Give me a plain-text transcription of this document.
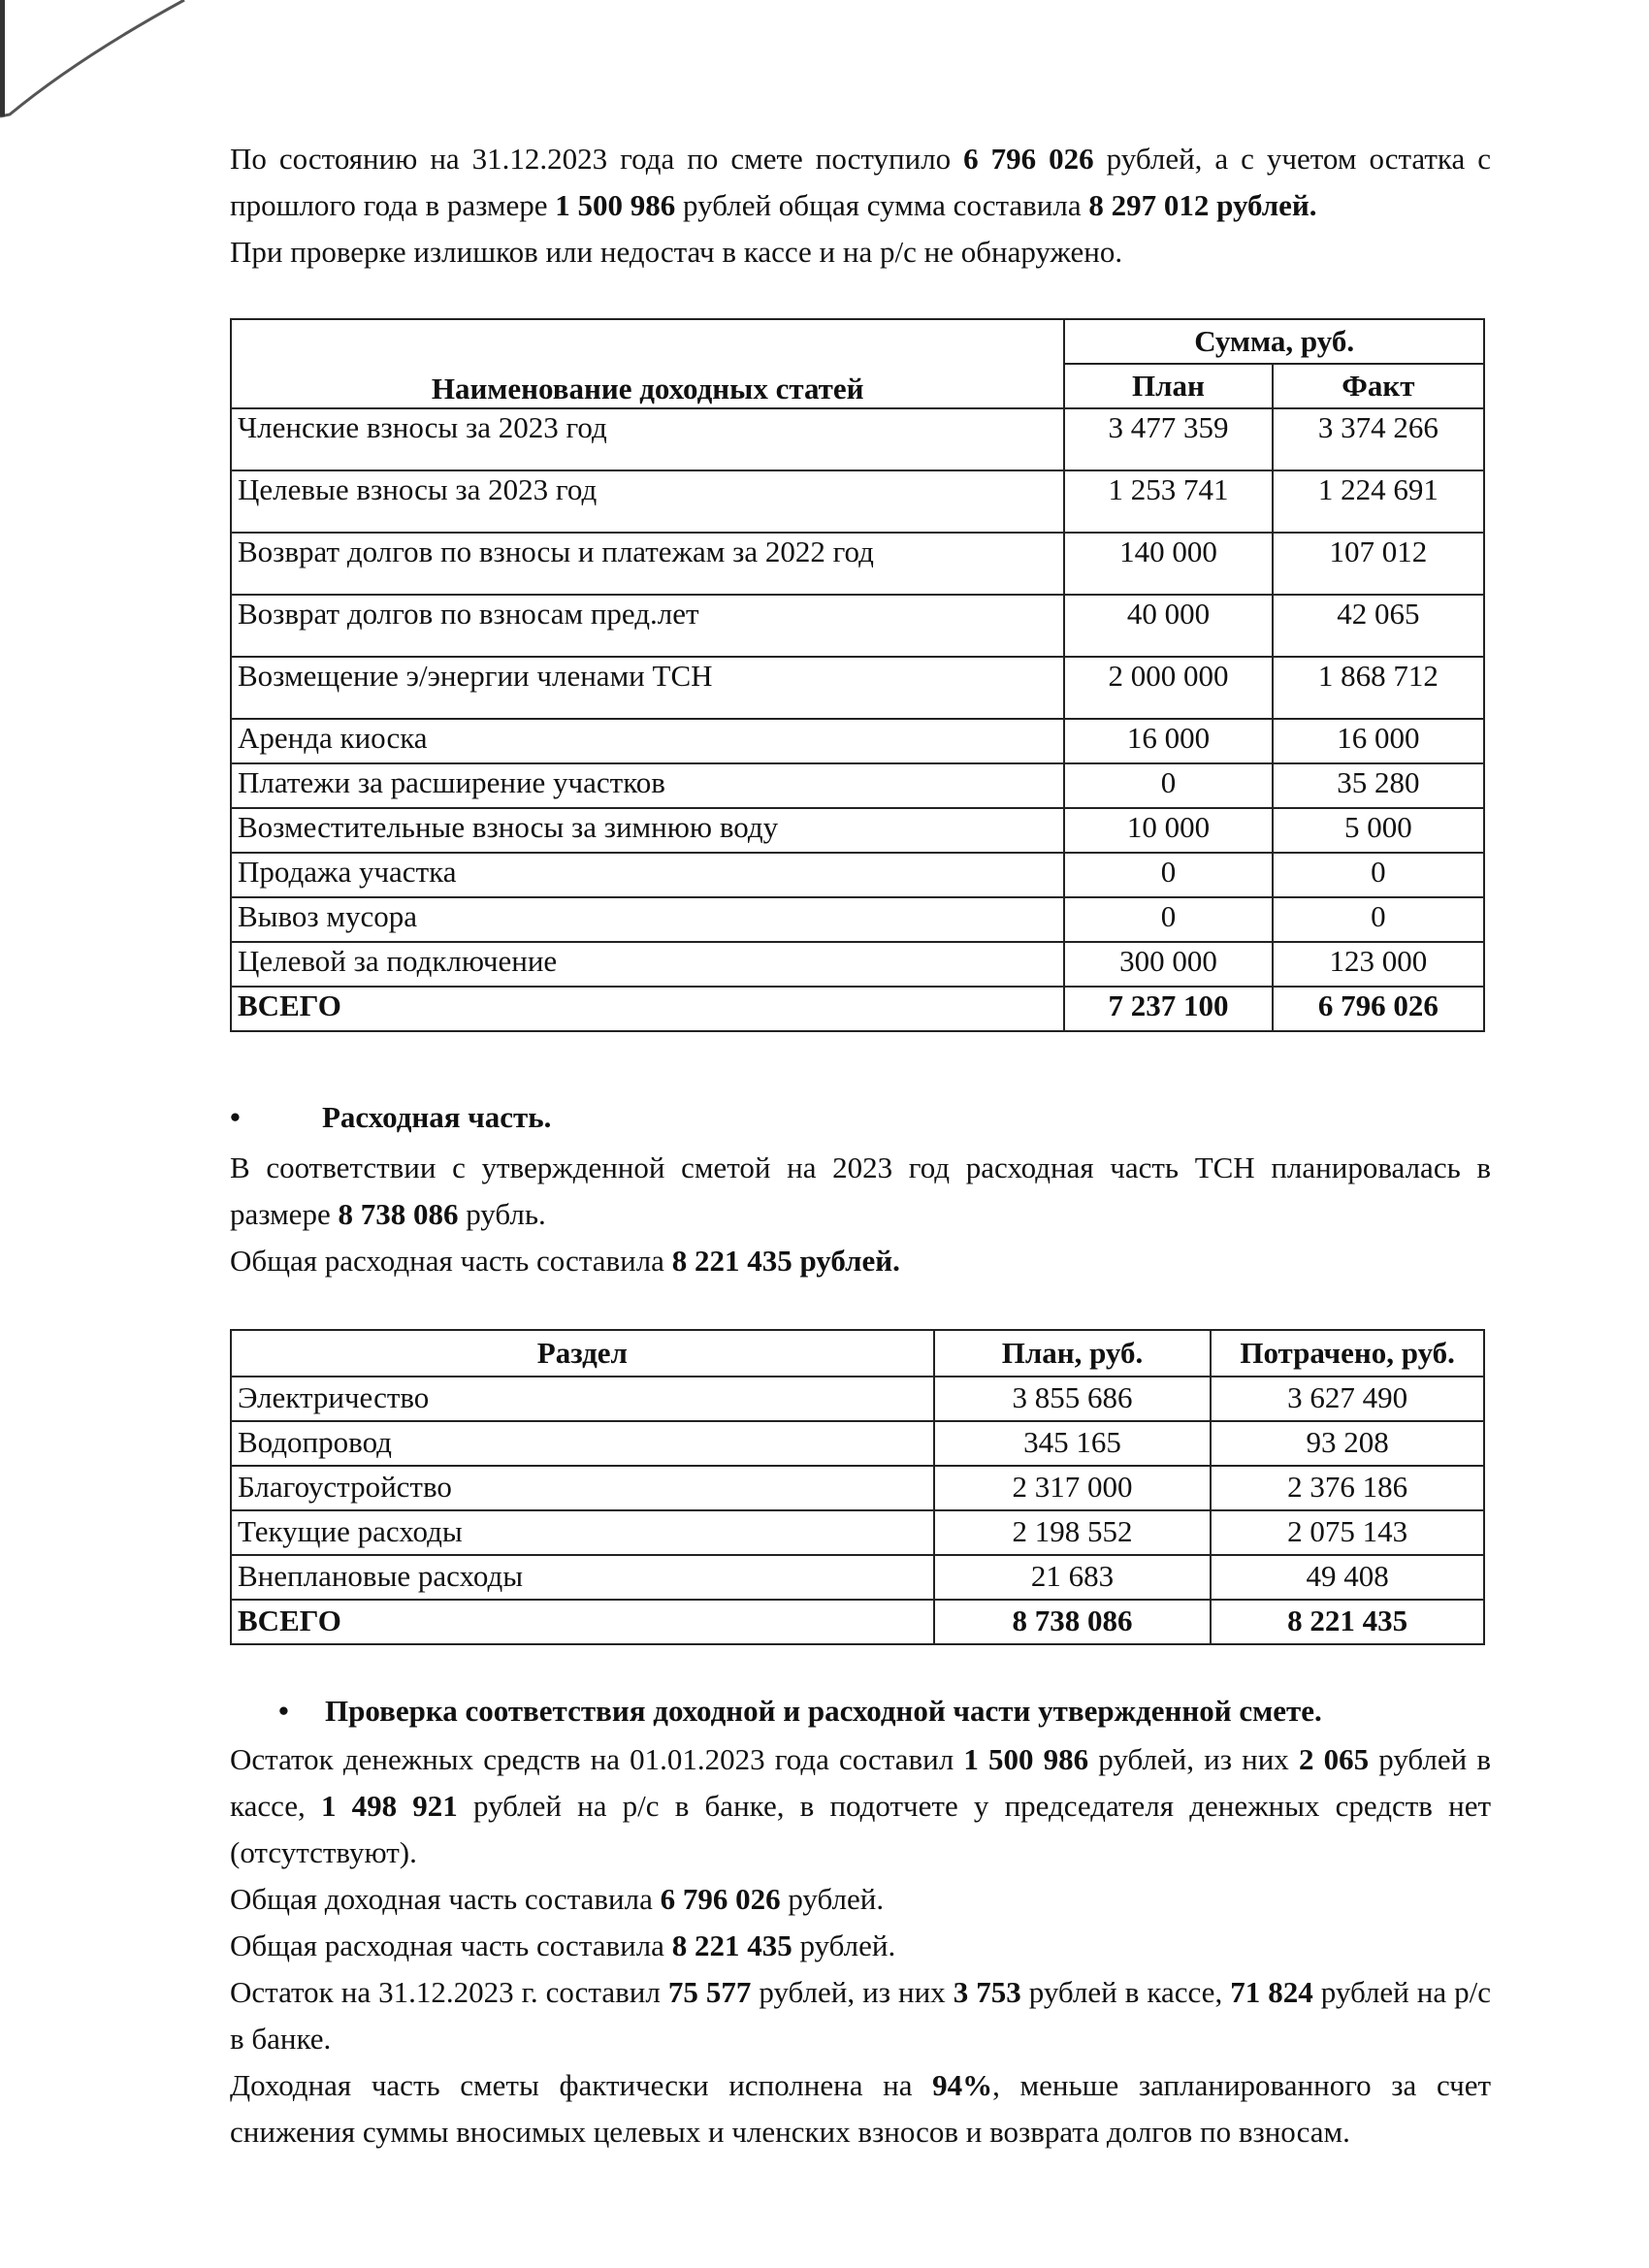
По состоянию на 31.12.2023 года по смете поступило 6 796 026 рублей, а с учетом остатка с прошлого года в размере 1 500 986 рублей общая сумма составила 8 297 012 рублей.

При проверке излишков или недостач в кассе и на р/с не обнаружено.

Наименование доходных статей	Сумма, руб.	
	План	Факт
Членские взносы за 2023 год	3 477 359	3 374 266
Целевые взносы за 2023 год	1 253 741	1 224 691
Возврат долгов по взносы и платежам за 2022 год	140 000	107 012
Возврат долгов по взносам пред.лет	40 000	42 065
Возмещение э/энергии членами ТСН	2 000 000	1 868 712
Аренда киоска	16 000	16 000
Платежи за расширение участков	0	35 280
Возместительные взносы за зимнюю воду	10 000	5 000
Продажа участка	0	0
Вывоз мусора	0	0
Целевой за подключение	300 000	123 000
ВСЕГО	7 237 100	6 796 026
•	Расходная часть.

В соответствии с утвержденной сметой на 2023 год расходная часть ТСН планировалась в размере 8 738 086 рубль.

Общая расходная часть составила 8 221 435 рублей.

Раздел	План, руб.	Потрачено, руб.
Электричество	3 855 686	3 627 490
Водопровод	345 165	93 208
Благоустройство	2 317 000	2 376 186
Текущие расходы	2 198 552	2 075 143
Внеплановые расходы	21 683	49 408
ВСЕГО	8 738 086	8 221 435
• Проверка соответствия доходной и расходной части утвержденной смете.

Остаток денежных средств на 01.01.2023 года составил 1 500 986 рублей, из них 2 065 рублей в кассе, 1 498 921 рублей на р/с в банке, в подотчете у председателя денежных средств нет (отсутствуют).

Общая доходная часть составила 6 796 026 рублей.

Общая расходная часть составила 8 221 435 рублей.

Остаток на 31.12.2023 г. составил 75 577 рублей, из них 3 753 рублей в кассе, 71 824 рублей на р/с в банке.

Доходная часть сметы фактически исполнена на 94%, меньше запланированного за счет снижения суммы вносимых целевых и членских взносов и возврата долгов по взносам.
